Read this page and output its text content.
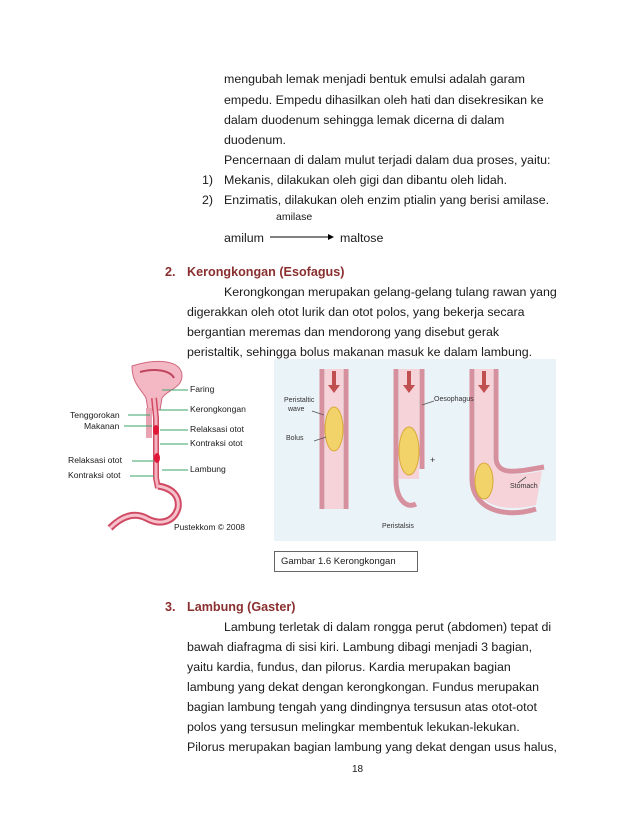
mengubah lemak menjadi bentuk emulsi adalah garam
empedu. Empedu dihasilkan oleh hati dan disekresikan ke
dalam duodenum sehingga lemak dicerna di dalam
duodenum.
Pencernaan di dalam mulut terjadi dalam dua proses, yaitu:
1) Mekanis, dilakukan oleh gigi dan dibantu oleh lidah.
2) Enzimatis, dilakukan oleh enzim ptialin yang berisi amilase.
amilase
amilum	maltose
2. Kerongkongan (Esofagus)
Kerongkongan merupakan gelang-gelang tulang rawan yang
digerakkan oleh otot lurik dan otot polos, yang bekerja secara
bergantian meremas dan mendorong yang disebut gerak
peristaltik, sehingga bolus makanan masuk ke dalam lambung.
Faring
Kerongkongan
Tenggorokan
Makanan	Relaksasi otot
Kontraksi otot
Relaksasi otot
Lambung
Kontraksi otot
Pustekkom © 2008
Peristaltic
wave
Bolus
Oesophagus
Stomach
+
Peristalsis
Gambar 1.6 Kerongkongan
3. Lambung (Gaster)
Lambung terletak di dalam rongga perut (abdomen) tepat di
bawah diafragma di sisi kiri. Lambung dibagi menjadi 3 bagian,
yaitu kardia, fundus, dan pilorus. Kardia merupakan bagian
lambung yang dekat dengan kerongkongan. Fundus merupakan
bagian lambung tengah yang dindingnya tersusun atas otot-otot
polos yang tersusun melingkar membentuk lekukan-lekukan.
Pilorus merupakan bagian lambung yang dekat dengan usus halus,
18
